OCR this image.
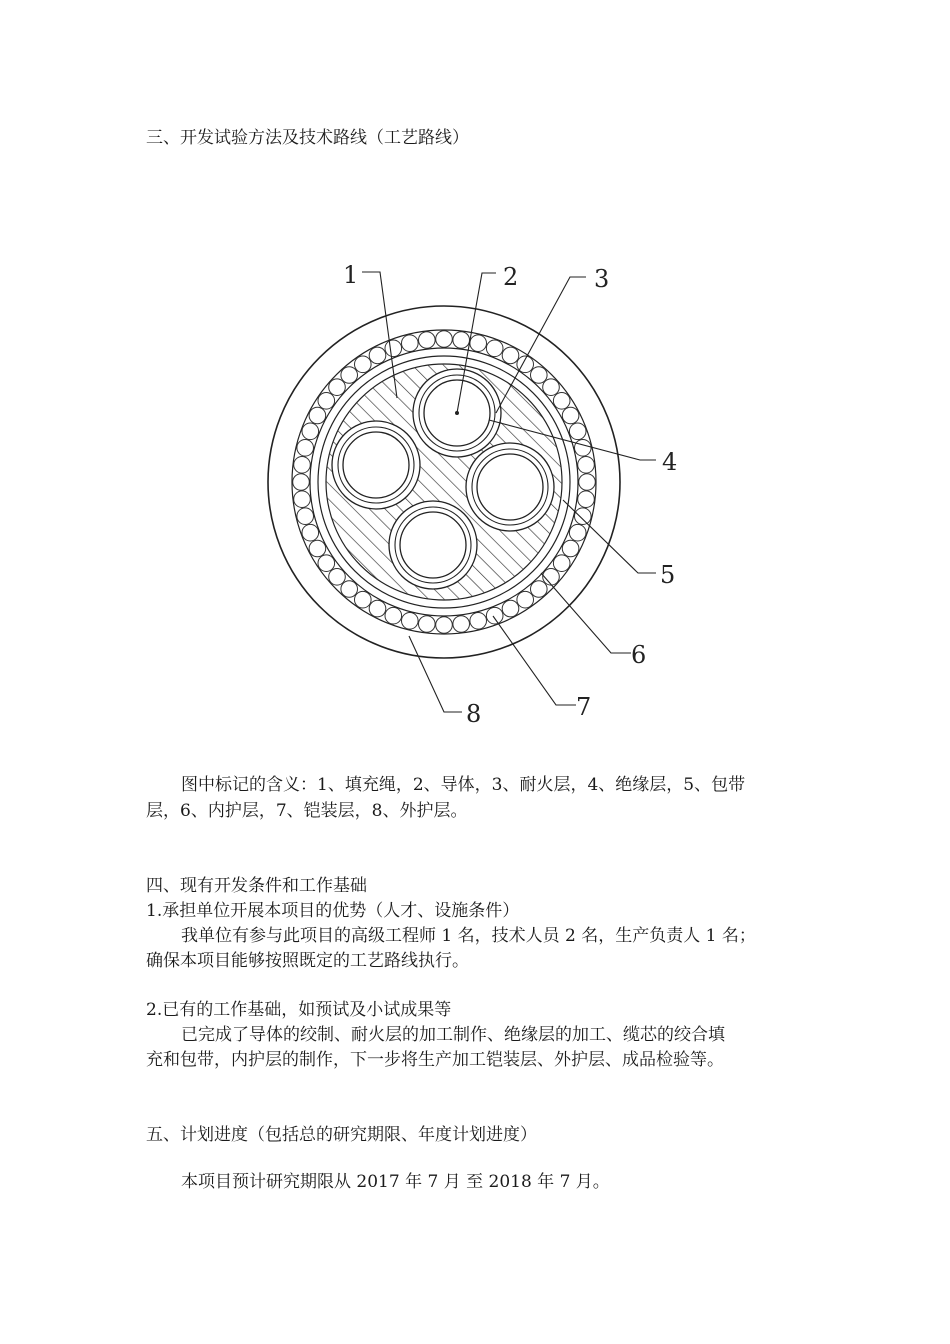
三、开发试验方法及技术路线（工艺路线）

1	2	3
4
5
6
7
8

图中标记的含义：1、填充绳，2、导体，3、耐火层，4、绝缘层，5、包带

层，6、内护层，7、铠装层，8、外护层。

四、现有开发条件和工作基础

1.承担单位开展本项目的优势（人才、设施条件）

我单位有参与此项目的高级工程师 1 名，技术人员 2 名，生产负责人 1 名；

确保本项目能够按照既定的工艺路线执行。

2.已有的工作基础，如预试及小试成果等

已完成了导体的绞制、耐火层的加工制作、绝缘层的加工、缆芯的绞合填

充和包带，内护层的制作，下一步将生产加工铠装层、外护层、成品检验等。

五、计划进度（包括总的研究期限、年度计划进度）

本项目预计研究期限从 2017 年 7 月 至 2018 年 7 月。
